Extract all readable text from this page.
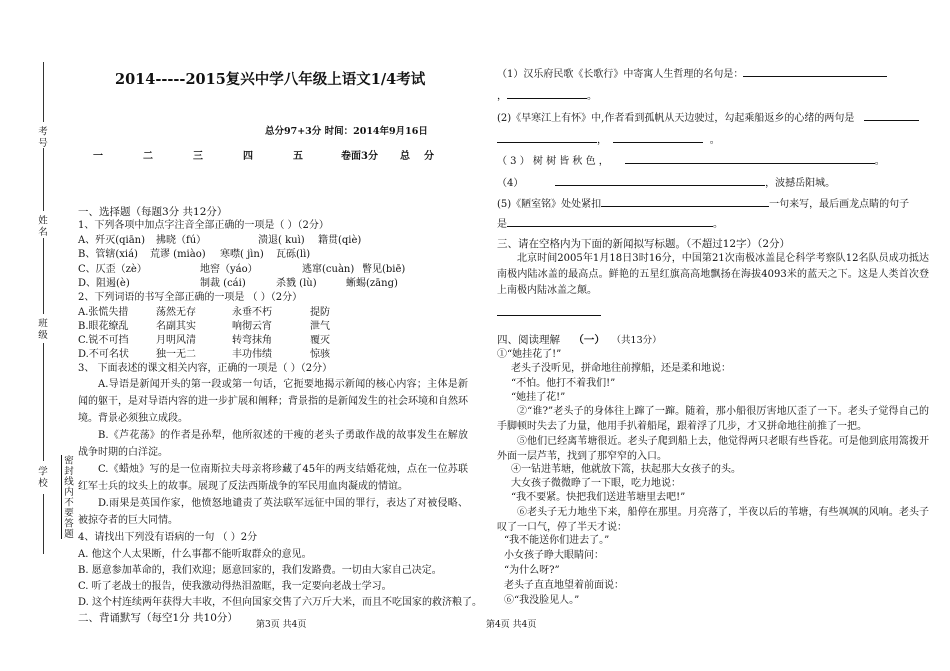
考号
姓名
班级
学校 密封线内不要答题
2014-----2015复兴中学八年级上语文1/4考试
总分97+3分 时间：2014年9月16日
一	二	三	四	五	卷面3分 总 分
一、选择题（每题3分 共12分）
1、下列各项中加点字注音全部正确的一项是（ ）（2分）
A、歼灭(qiān) 拂晓（fú）	溃退( kuì) 籍贯(qiè)
B、管辖(xiá) 荒谬 (miào) 寒噤( jìn) 瓦砾(lì)
C、仄歪（zè）	地窖（yáo）	逃窜(cuàn) 瞥见(biē)
D、阻遏(è)	制裁 (cái)	杀戮 (lù)	蜥蜴(zāng)
2、下列词语的书写全部正确的一项是 （ ）（2分）
A.张慌失措	荡然无存	永垂不朽	提防
B.眼花缭乱	名副其实	响彻云宵	泄气
C.锐不可挡	月明风清	转弯抹角	覆灭
D.不可名状	独一无二	丰功伟绩	惊骇
3、 下面表述的课文相关内容，正确的一项是（ ）（2分）
A.导语是新闻开头的第一段或第一句话，它扼要地揭示新闻的核心内容；主体是新闻的躯干，是对导语内容的进一步扩展和阐释；背景指的是新闻发生的社会环境和自然环境。背景必须独立成段。
B.《芦花荡》的作者是孙犁，他所叙述的干瘦的老头子勇敢作战的故事发生在解放战争时期的白洋淀。
C.《蜡烛》写的是一位南斯拉夫母亲将珍藏了45年的两支结婚花烛，点在一位苏联红军士兵的坟头上的故事。展现了反法西斯战争的军民用血肉凝成的情谊。
D.雨果是英国作家，他愤怒地谴责了英法联军远征中国的罪行，表达了对被侵略、被掠夺者的巨大同情。
4、请找出下列没有语病的一句 （ ）2分
A. 他这个人太果断，什么事都不能听取群众的意见。
B. 愿意参加革命的，我们欢迎；愿意回家的，我们发路费。一切由大家自己决定。
C. 听了老战士的报告，使我激动得热泪盈眶，我一定要向老战士学习。
D. 这个村连续两年获得大丰收，不但向国家交售了六万斤大米，而且不吃国家的救济粮了。
二、背诵默写（每空1分 共10分）
（1）汉乐府民歌《长歌行》中寄寓人生哲理的名句是：
，	。
(2)《早寒江上有怀》中,作者看到孤帆从天边驶过，勾起乘船返乡的心绪的两句是
，	。
（ 3 ） 树 树 皆 秋 色 ，	。
（4）	，波撼岳阳城。
(5)《陋室铭》处处紧扣	一句来写，最后画龙点睛的句子
是	。
三、请在空格内为下面的新闻拟写标题。（不超过12字）（2分）
北京时间2005年1月18日3时16分，中国第21次南极冰盖昆仑科学考察队12名队员成功抵达南极内陆冰盖的最高点。鲜艳的五星红旗高高地飘扬在海拔4093米的蓝天之下。这是人类首次登上南极内陆冰盖之颠。
四、阅读理解 （一） （共13分）
①“她挂花了!”
老头子没听见，拼命地往前撑船，还是柔和地说：
“不怕。他打不着我们!”
“她挂了花!”
②“谁?”老头子的身体往上蹿了一蹿。随着，那小船很厉害地仄歪了一下。老头子觉得自己的手脚顿时失去了力量，他用手扒着船尾，跟着浮了几步，才又拼命地往前推了一把。
⑤他们已经离苇塘很近。老头子爬到船上去，他觉得两只老眼有些昏花。可是他到底用篙拨开外面一层芦苇，找到了那窄窄的入口。
④一钻进苇塘，他就放下篙，扶起那大女孩子的头。
大女孩子微微睁了一下眼，吃力地说：
“我不要紧。快把我们送进苇塘里去吧!”
⑥老头子无力地坐下来，船停在那里。月亮落了，半夜以后的苇塘，有些飒飒的风响。老头子叹了一口气，停了半天才说：
“我不能送你们进去了。”
小女孩子睁大眼睛问：
“为什么呀?”
老头子直直地望着前面说：
⑥“我没脸见人。”
第3页 共4页	第4页 共4页
